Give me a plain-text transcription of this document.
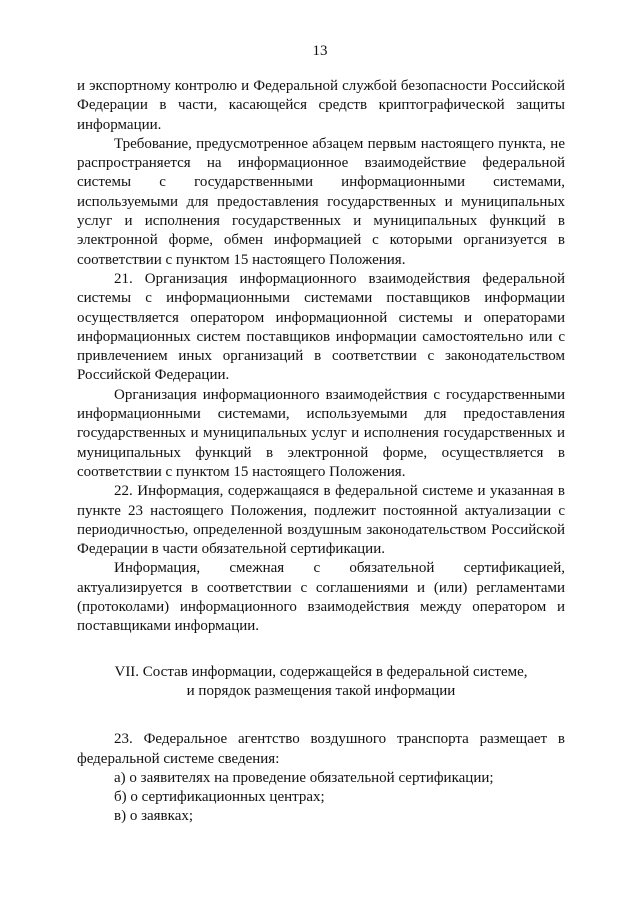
13

и экспортному контролю и Федеральной службой безопасности Российской Федерации в части, касающейся средств криптографической защиты информации.

Требование, предусмотренное абзацем первым настоящего пункта, не распространяется на информационное взаимодействие федеральной системы с государственными информационными системами, используемыми для предоставления государственных и муниципальных услуг и исполнения государственных и муниципальных функций в электронной форме, обмен информацией с которыми организуется в соответствии с пунктом 15 настоящего Положения.

21. Организация информационного взаимодействия федеральной системы с информационными системами поставщиков информации осуществляется оператором информационной системы и операторами информационных систем поставщиков информации самостоятельно или с привлечением иных организаций в соответствии с законодательством Российской Федерации.

Организация информационного взаимодействия с государственными информационными системами, используемыми для предоставления государственных и муниципальных услуг и исполнения государственных и муниципальных функций в электронной форме, осуществляется в соответствии с пунктом 15 настоящего Положения.

22. Информация, содержащаяся в федеральной системе и указанная в пункте 23 настоящего Положения, подлежит постоянной актуализации с периодичностью, определенной воздушным законодательством Российской Федерации в части обязательной сертификации.

Информация, смежная с обязательной сертификацией, актуализируется в соответствии с соглашениями и (или) регламентами (протоколами) информационного взаимодействия между оператором и поставщиками информации.

VII. Состав информации, содержащейся в федеральной системе,
и порядок размещения такой информации

23. Федеральное агентство воздушного транспорта размещает в федеральной системе сведения:

а) о заявителях на проведение обязательной сертификации;

б) о сертификационных центрах;

в) о заявках;
